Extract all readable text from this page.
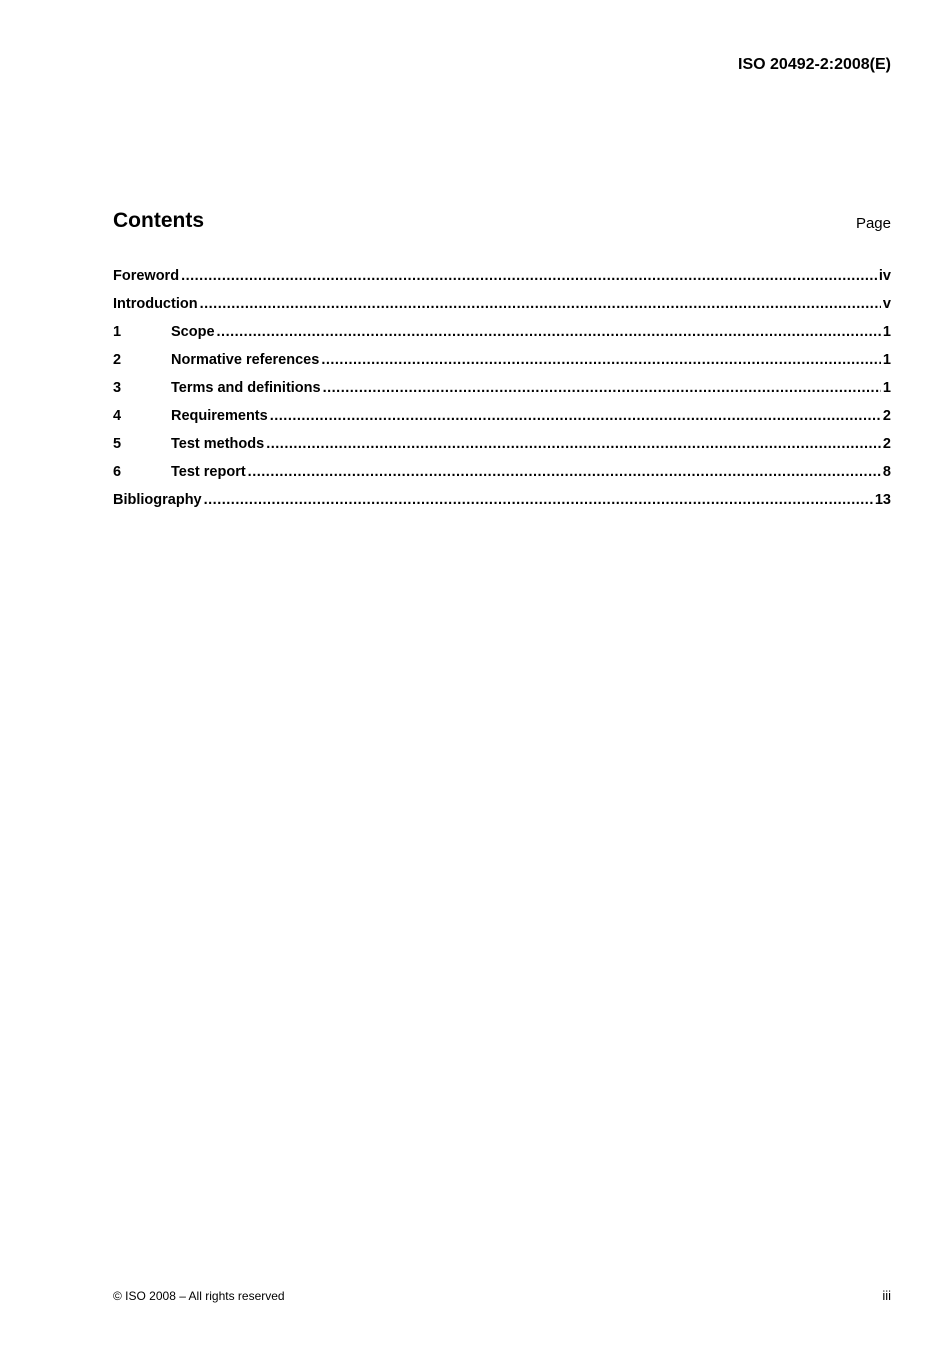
ISO 20492-2:2008(E)
Contents	Page
Foreword .....	iv
Introduction .....	v
1	Scope .....	1
2	Normative references .....	1
3	Terms and definitions .....	1
4	Requirements .....	2
5	Test methods .....	2
6	Test report .....	8
Bibliography .....	13
© ISO 2008 – All rights reserved	iii
